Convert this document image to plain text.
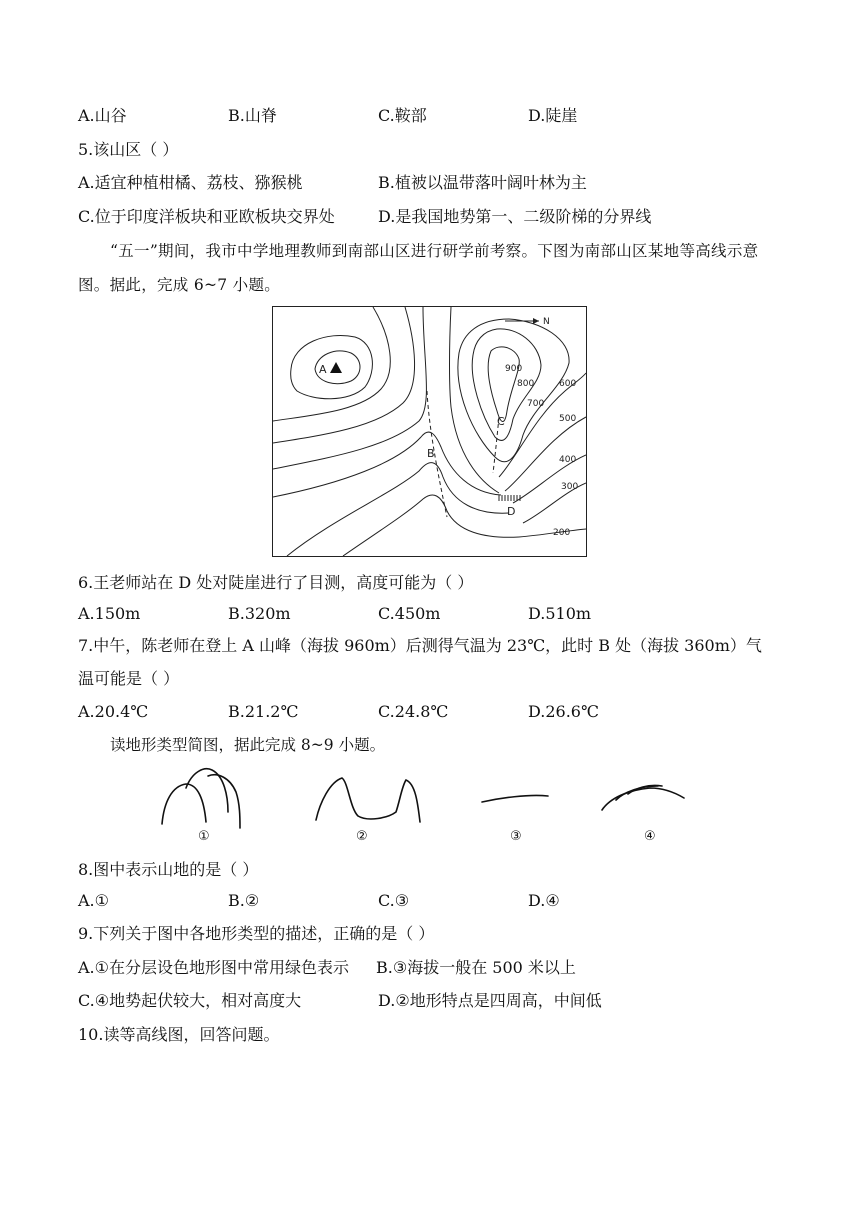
A.山谷	B.山脊	C.鞍部	D.陡崖
5.该山区（ ）
A.适宜种植柑橘、荔枝、猕猴桃	B.植被以温带落叶阔叶林为主
C.位于印度洋板块和亚欧板块交界处	D.是我国地势第一、二级阶梯的分界线
“五一”期间，我市中学地理教师到南部山区进行研学前考察。下图为南部山区某地等高线示意图。据此，完成 6~7 小题。
N
A
B
C
D
900
800
700
600
500
400
300
200
6.王老师站在 D 处对陡崖进行了目测，高度可能为（ ）
A.150m	B.320m	C.450m	D.510m
7.中午，陈老师在登上 A 山峰（海拔 960m）后测得气温为 23℃，此时 B 处（海拔 360m）气
温可能是（ ）
A.20.4℃	B.21.2℃	C.24.8℃	D.26.6℃
读地形类型简图，据此完成 8~9 小题。
①	②	③	④
8.图中表示山地的是（ ）
A.①	B.②	C.③	D.④
9.下列关于图中各地形类型的描述，正确的是（ ）
A.①在分层设色地形图中常用绿色表示 B.③海拔一般在 500 米以上
C.④地势起伏较大，相对高度大	D.②地形特点是四周高，中间低
10.读等高线图，回答问题。
